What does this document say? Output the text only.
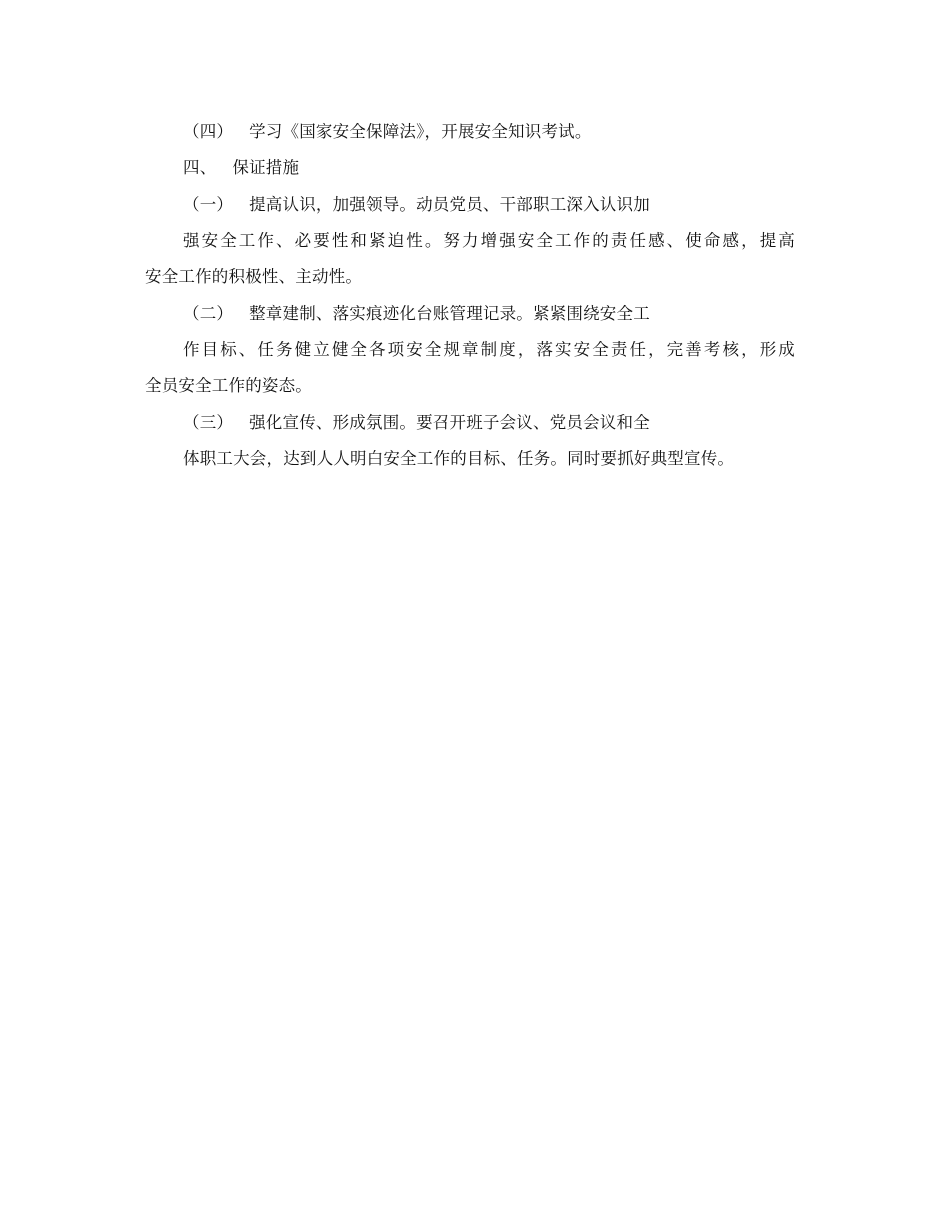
（四） 学习《国家安全保障法》，开展安全知识考试。
四、 保证措施
（一） 提高认识，加强领导。动员党员、干部职工深入认识加
强安全工作、必要性和紧迫性。努力增强安全工作的责任感、使命感，提高
安全工作的积极性、主动性。
（二） 整章建制、落实痕迹化台账管理记录。紧紧围绕安全工
作目标、任务健立健全各项安全规章制度，落实安全责任，完善考核，形成
全员安全工作的姿态。
（三） 强化宣传、形成氛围。要召开班子会议、党员会议和全
体职工大会，达到人人明白安全工作的目标、任务。同时要抓好典型宣传。
